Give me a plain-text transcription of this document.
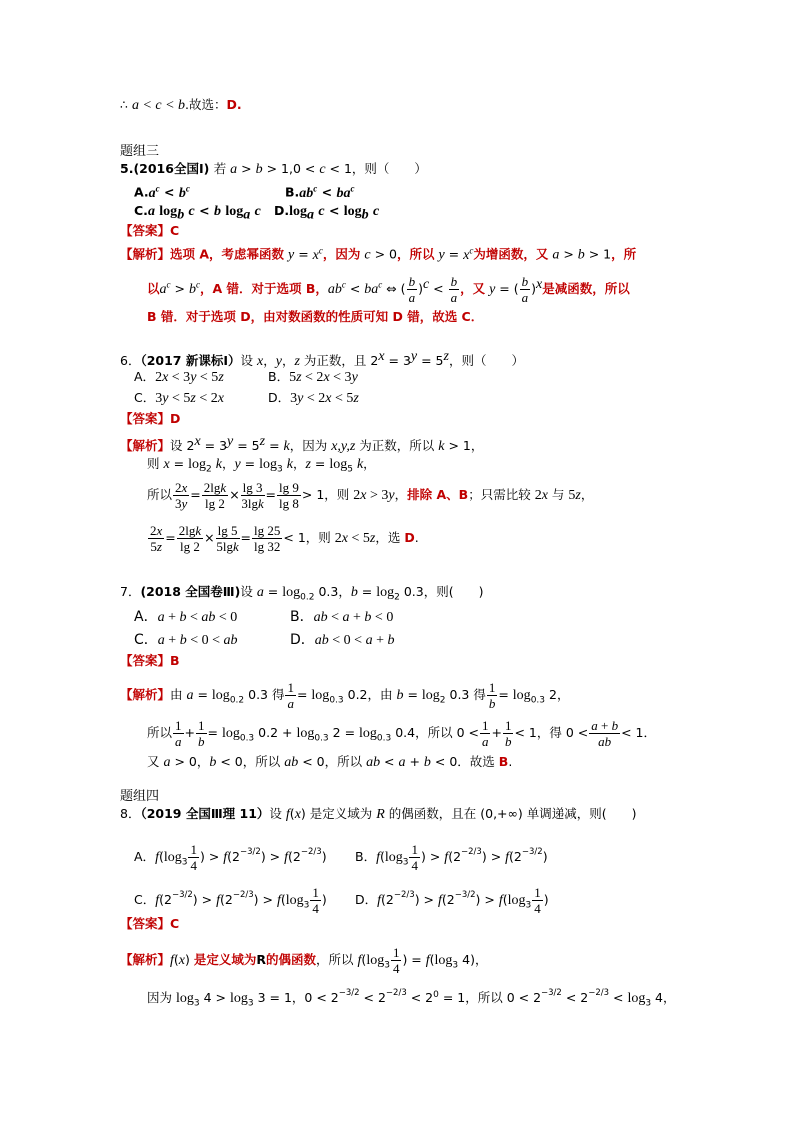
∴ a < c < b.故选：D.
题组三
5.(2016全国I) 若 a > b > 1,0 < c < 1，则（　　）
$A.a^c < b^c$	$B.ab^c < ba^c$
C.a $\log_b c < b$ $\log_a c$ $D.\log_a$ $c < \log_b c$
【答案】C
【解析】选项 A，考虑幂函数 $y = x^c$，因为 c > 0，所以 $y = x^c$为增函数，又 a > b > 1，所
以$a^c > b^c$，A 错．对于选项 B，$ab^c < ba^c$ ⇔ ( $\frac{b}{a} )^c < \frac{b}{a}$ ，又 y = ( $\frac{b}{a} )^x$是减函数，所以
B 错．对于选项 D，由对数函数的性质可知 D 错，故选 C．
6．（2017 新课标Ⅰ）设 x，y，z 为正数，且 $2^x = 3^y = 5^z$，则（　　）
A．2x < 3y < 5z	B．5z < 2x < 3y
C．3y < 5z < 2x	D．3y < 2x < 5z
【答案】D
【解析】设 $2^x = 3^y = 5^z = k$，因为 x,y,z 为正数，所以 k > 1，
则 $x = \log_2 k$，$y = \log_3 k$，$z = \log_5 k$，
所以 $\frac{2x}{3y} = \frac{2\lg k}{\lg 2} \times \frac{\lg 3}{3\lg k} = \frac{\lg 9}{\lg 8} > 1$，则 2x > 3y，排除 A、B；只需比较 2x 与 5z，
$\frac{2x}{5z} = \frac{2\lg k}{\lg 2} \times \frac{\lg 5}{5\lg k} = \frac{\lg 25}{\lg 32} < 1$，则 2x < 5z，选 D.
7．(2018 全国卷Ⅲ)设 $a = \log_{0.2} 0.3$，$b = \log_2 0.3$，则(　　)
A．a + b < ab < 0	B．ab < a + b < 0
C．a + b < 0 < ab	D．ab < 0 < a + b
【答案】B
【解析】由 $a = \log_{0.2} 0.3$ 得 $\frac{1}{a} = \log_{0.3} 0.2$，由 $b = \log_2 0.3$ 得 $\frac{1}{b} = \log_{0.3} 2$，
所以 $\frac{1}{a} + \frac{1}{b} = \log_{0.3} 0.2 + \log_{0.3} 2 = \log_{0.3} 0.4$，所以 $0 < \frac{1}{a} + \frac{1}{b} < 1$，得 $0 < \frac{a + b}{ab} < 1$．
又 a > 0，b < 0，所以 ab < 0，所以 ab < a + b < 0．故选 B.
题组四
8．（2019 全国Ⅲ理 11）设 f(x) 是定义域为 R 的偶函数，且在 (0,+∞) 单调递减，则(　　)
A．$f(\log_3 \frac{1}{4}$ ) > $f(2^{-3/2}) > f(2^{-2/3})$ B．$f(\log_3 \frac{1}{4}$ ) > $f(2^{-2/3}) > f(2^{-3/2})$
C．$f(2^{-3/2}) > f(2^{-2/3}) > f(\log_3 \frac{1}{4}$ ) D．$f(2^{-2/3}) > f(2^{-3/2}) > f(\log_3 \frac{1}{4}$ )
【答案】C
【解析】f(x) 是定义域为R的偶函数，所以 $f(\log_3 \frac{1}{4}$ ) = $f(\log_3$ 4)，
因为 $\log_3 4 > \log_3 3 = 1$，$0 < 2^{-3/2} < 2^{-2/3} < 2^0 = 1$，所以 $0 < 2^{-3/2} < 2^{-2/3} < \log_3 4$，
